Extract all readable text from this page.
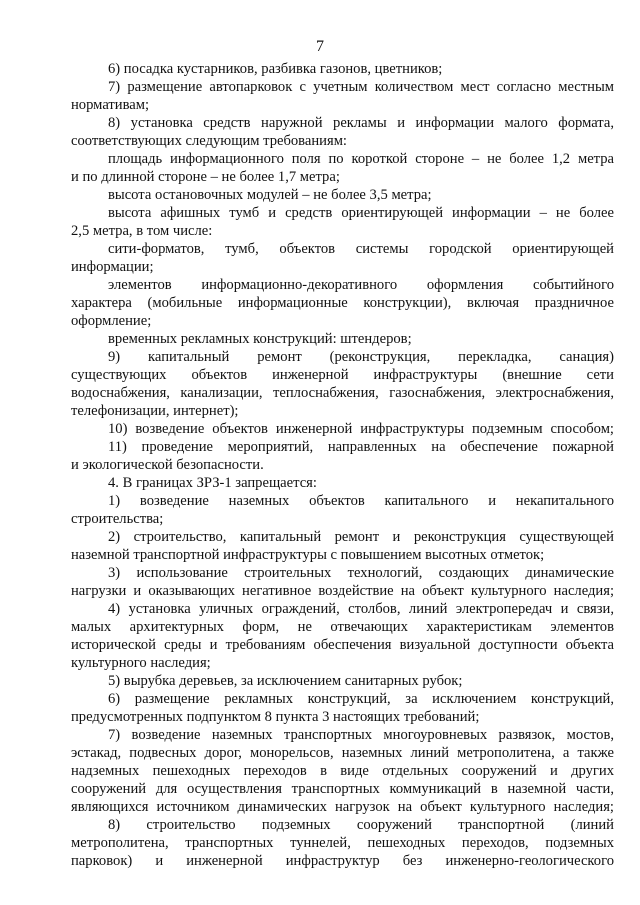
7
6) посадка кустарников, разбивка газонов, цветников;
7) размещение автопарковок с учетным количеством мест согласно местным
нормативам;
8) установка средств наружной рекламы и информации малого формата,
соответствующих следующим требованиям:
площадь информационного поля по короткой стороне – не более 1,2 метра
и по длинной стороне – не более 1,7 метра;
высота остановочных модулей – не более 3,5 метра;
высота афишных тумб и средств ориентирующей информации – не более
2,5 метра, в том числе:
сити-форматов, тумб, объектов системы городской ориентирующей
информации;
элементов информационно-декоративного оформления событийного
характера (мобильные информационные конструкции), включая праздничное
оформление;
временных рекламных конструкций: штендеров;
9) капитальный ремонт (реконструкция, перекладка, санация)
существующих объектов инженерной инфраструктуры (внешние сети
водоснабжения, канализации, теплоснабжения, газоснабжения, электроснабжения,
телефонизации, интернет);
10) возведение объектов инженерной инфраструктуры подземным способом;
11) проведение мероприятий, направленных на обеспечение пожарной
и экологической безопасности.
4. В границах ЗРЗ-1 запрещается:
1) возведение наземных объектов капитального и некапитального
строительства;
2) строительство, капитальный ремонт и реконструкция существующей
наземной транспортной инфраструктуры с повышением высотных отметок;
3) использование строительных технологий, создающих динамические
нагрузки и оказывающих негативное воздействие на объект культурного наследия;
4) установка уличных ограждений, столбов, линий электропередач и связи,
малых архитектурных форм, не отвечающих характеристикам элементов
исторической среды и требованиям обеспечения визуальной доступности объекта
культурного наследия;
5) вырубка деревьев, за исключением санитарных рубок;
6) размещение рекламных конструкций, за исключением конструкций,
предусмотренных подпунктом 8 пункта 3 настоящих требований;
7) возведение наземных транспортных многоуровневых развязок, мостов,
эстакад, подвесных дорог, монорельсов, наземных линий метрополитена, а также
надземных пешеходных переходов в виде отдельных сооружений и других
сооружений для осуществления транспортных коммуникаций в наземной части,
являющихся источником динамических нагрузок на объект культурного наследия;
8) строительство подземных сооружений транспортной (линий
метрополитена, транспортных туннелей, пешеходных переходов, подземных
парковок) и инженерной инфраструктур без инженерно-геологического
